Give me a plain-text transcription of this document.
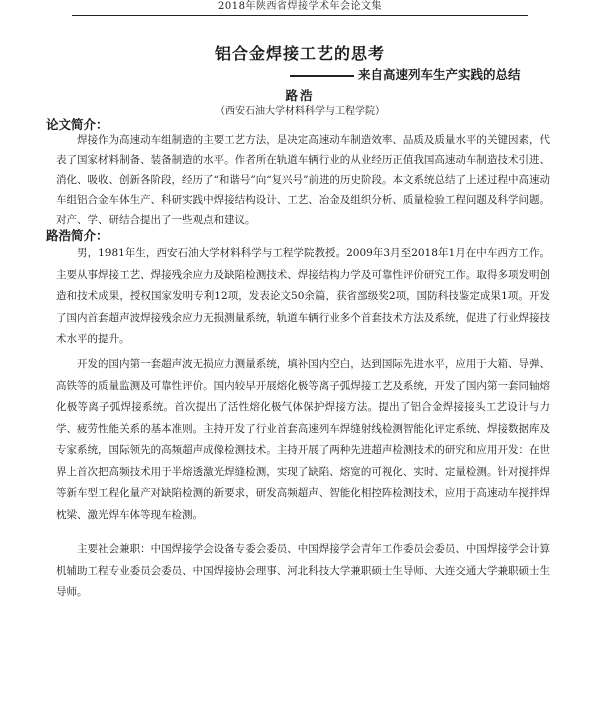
2018年陕西省焊接学术年会论文集
铝合金焊接工艺的思考
来自高速列车生产实践的总结
路浩
（西安石油大学材料科学与工程学院）
论文简介：
焊接作为高速动车组制造的主要工艺方法，是决定高速动车制造效率、品质及质量水平的关键因素，代表了国家材料制备、装备制造的水平。作者所在轨道车辆行业的从业经历正值我国高速动车制造技术引进、消化、吸收、创新各阶段，经历了“和谐号”向“复兴号”前进的历史阶段。本文系统总结了上述过程中高速动车组铝合金车体生产、科研实践中焊接结构设计、工艺、冶金及组织分析、质量检验工程问题及科学问题。对产、学、研结合提出了一些观点和建议。
路浩简介：
男，1981年生，西安石油大学材料科学与工程学院教授。2009年3月至2018年1月在中车西方工作。主要从事焊接工艺、焊接残余应力及缺陷检测技术、焊接结构力学及可靠性评价研究工作。取得多项发明创造和技术成果，授权国家发明专利12项，发表论文50余篇，获省部级奖2项，国防科技鉴定成果1项。开发了国内首套超声波焊接残余应力无损测量系统，轨道车辆行业多个首套技术方法及系统，促进了行业焊接技术水平的提升。
开发的国内第一套超声波无损应力测量系统，填补国内空白，达到国际先进水平，应用于大箱、导弹、高铁等的质量监测及可靠性评价。国内较早开展熔化极等离子弧焊接工艺及系统，开发了国内第一套同轴熔化极等离子弧焊接系统。首次提出了活性熔化极气体保护焊接方法。提出了铝合金焊接接头工艺设计与力学、疲劳性能关系的基本准则。主持开发了行业首套高速列车焊缝射线检测智能化评定系统、焊接数据库及专家系统，国际领先的高频超声成像检测技术。主持开展了两种先进超声检测技术的研究和应用开发：在世界上首次把高频技术用于半熔透激光焊缝检测，实现了缺陷、熔宽的可视化、实时、定量检测。针对搅拌焊等新车型工程化量产对缺陷检测的新要求，研发高频超声、智能化相控阵检测技术，应用于高速动车搅拌焊枕梁、激光焊车体等现车检测。
主要社会兼职：中国焊接学会设备专委会委员、中国焊接学会青年工作委员会委员、中国焊接学会计算机辅助工程专业委员会委员、中国焊接协会理事、河北科技大学兼职硕士生导师、大连交通大学兼职硕士生导师。
